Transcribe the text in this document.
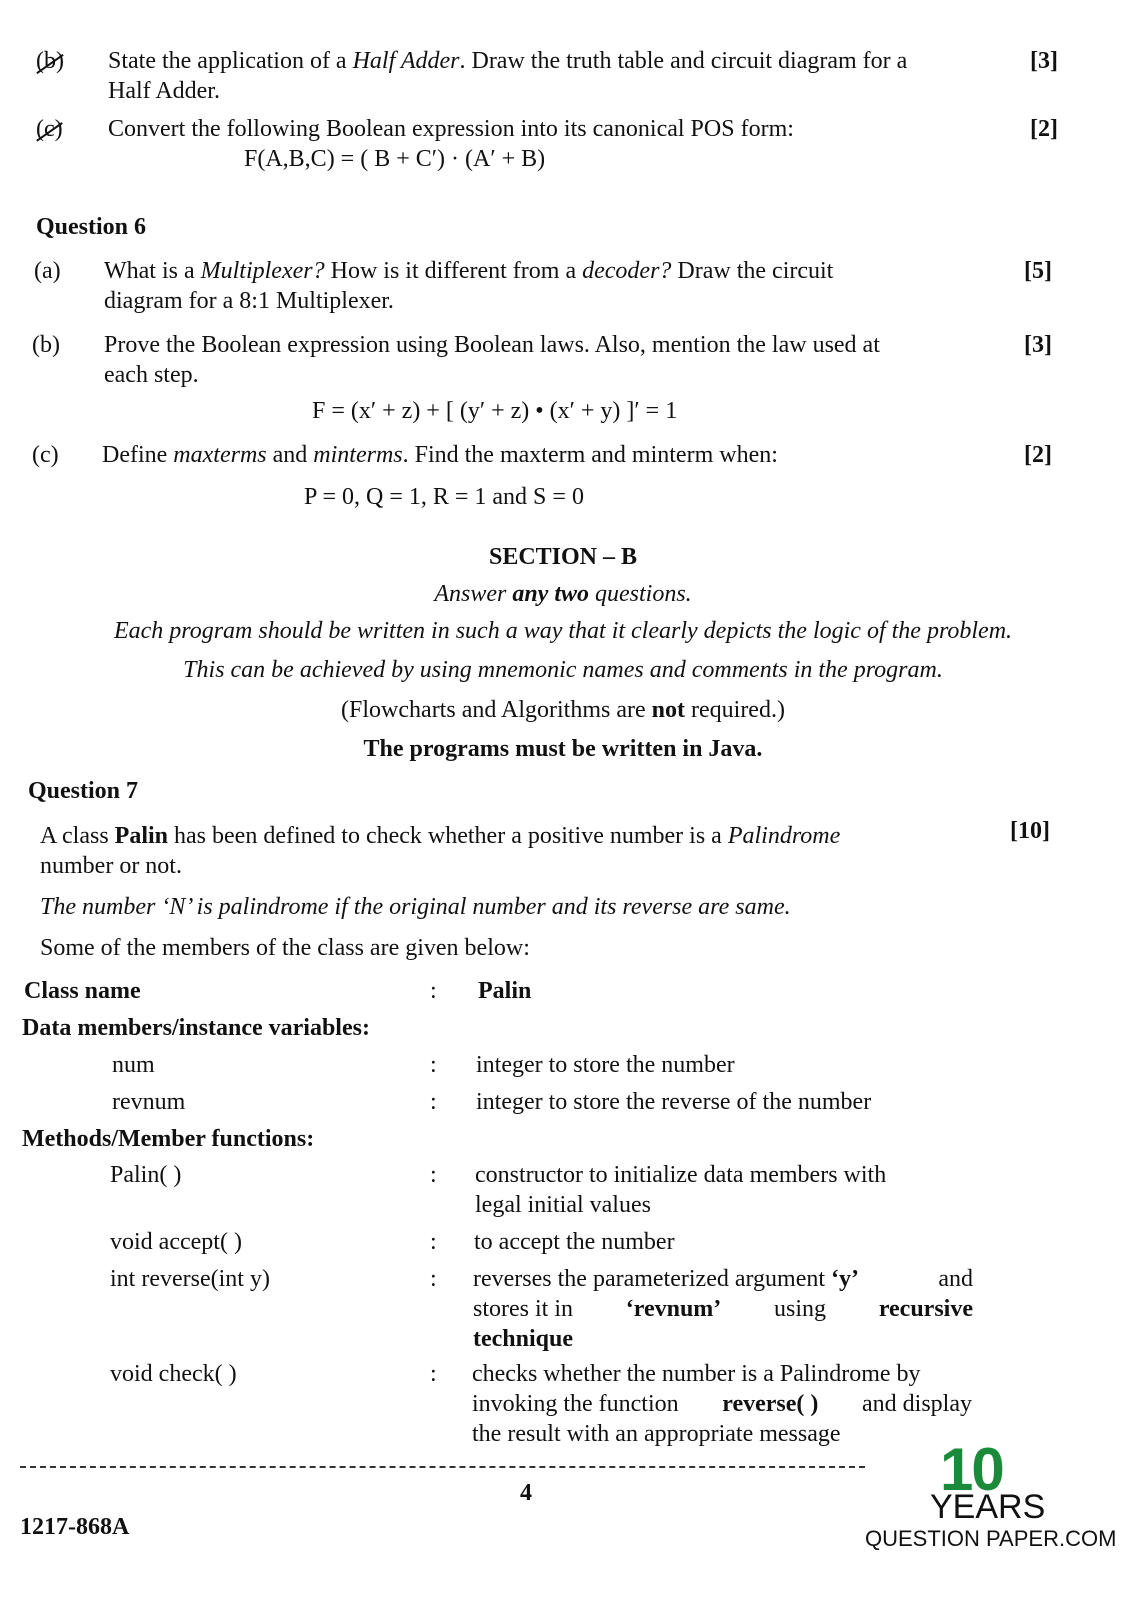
(b) State the application of a Half Adder. Draw the truth table and circuit diagram for a
Half Adder.
[3]
(c) Convert the following Boolean expression into its canonical POS form:	[2]
F(A,B,C) = ( B + C′) · (A′ + B)
Question 6
(a) What is a Multiplexer? How is it different from a decoder? Draw the circuit
diagram for a 8:1 Multiplexer.
[5]
(b) Prove the Boolean expression using Boolean laws. Also, mention the law used at
each step.
[3]
F = (x′ + z) + [ (y′ + z) • (x′ + y) ]′ = 1
(c) Define maxterms and minterms. Find the maxterm and minterm when:	[2]
P = 0, Q = 1, R = 1 and S = 0
SECTION – B
Answer any two questions.
Each program should be written in such a way that it clearly depicts the logic of the problem.
This can be achieved by using mnemonic names and comments in the program.
(Flowcharts and Algorithms are not required.)
The programs must be written in Java.
Question 7
A class Palin has been defined to check whether a positive number is a Palindrome
number or not.
[10]
The number ‘N’ is palindrome if the original number and its reverse are same.
Some of the members of the class are given below:
Class name	: Palin
Data members/instance variables:
num	: integer to store the number
revnum	: integer to store the reverse of the number
Methods/Member functions:
Palin( )	: constructor to initialize data members with
legal initial values
void accept( )	: to accept the number
int reverse(int y)	: reverses the parameterized argument ‘y’	and
stores it in ‘revnum’ using recursive
technique
void check( )	: checks whether the number is a Palindrome by
invoking the function reverse( ) and display
the result with an appropriate message
4
1217-868A
10
YEARS
QUESTION PAPER.COM
